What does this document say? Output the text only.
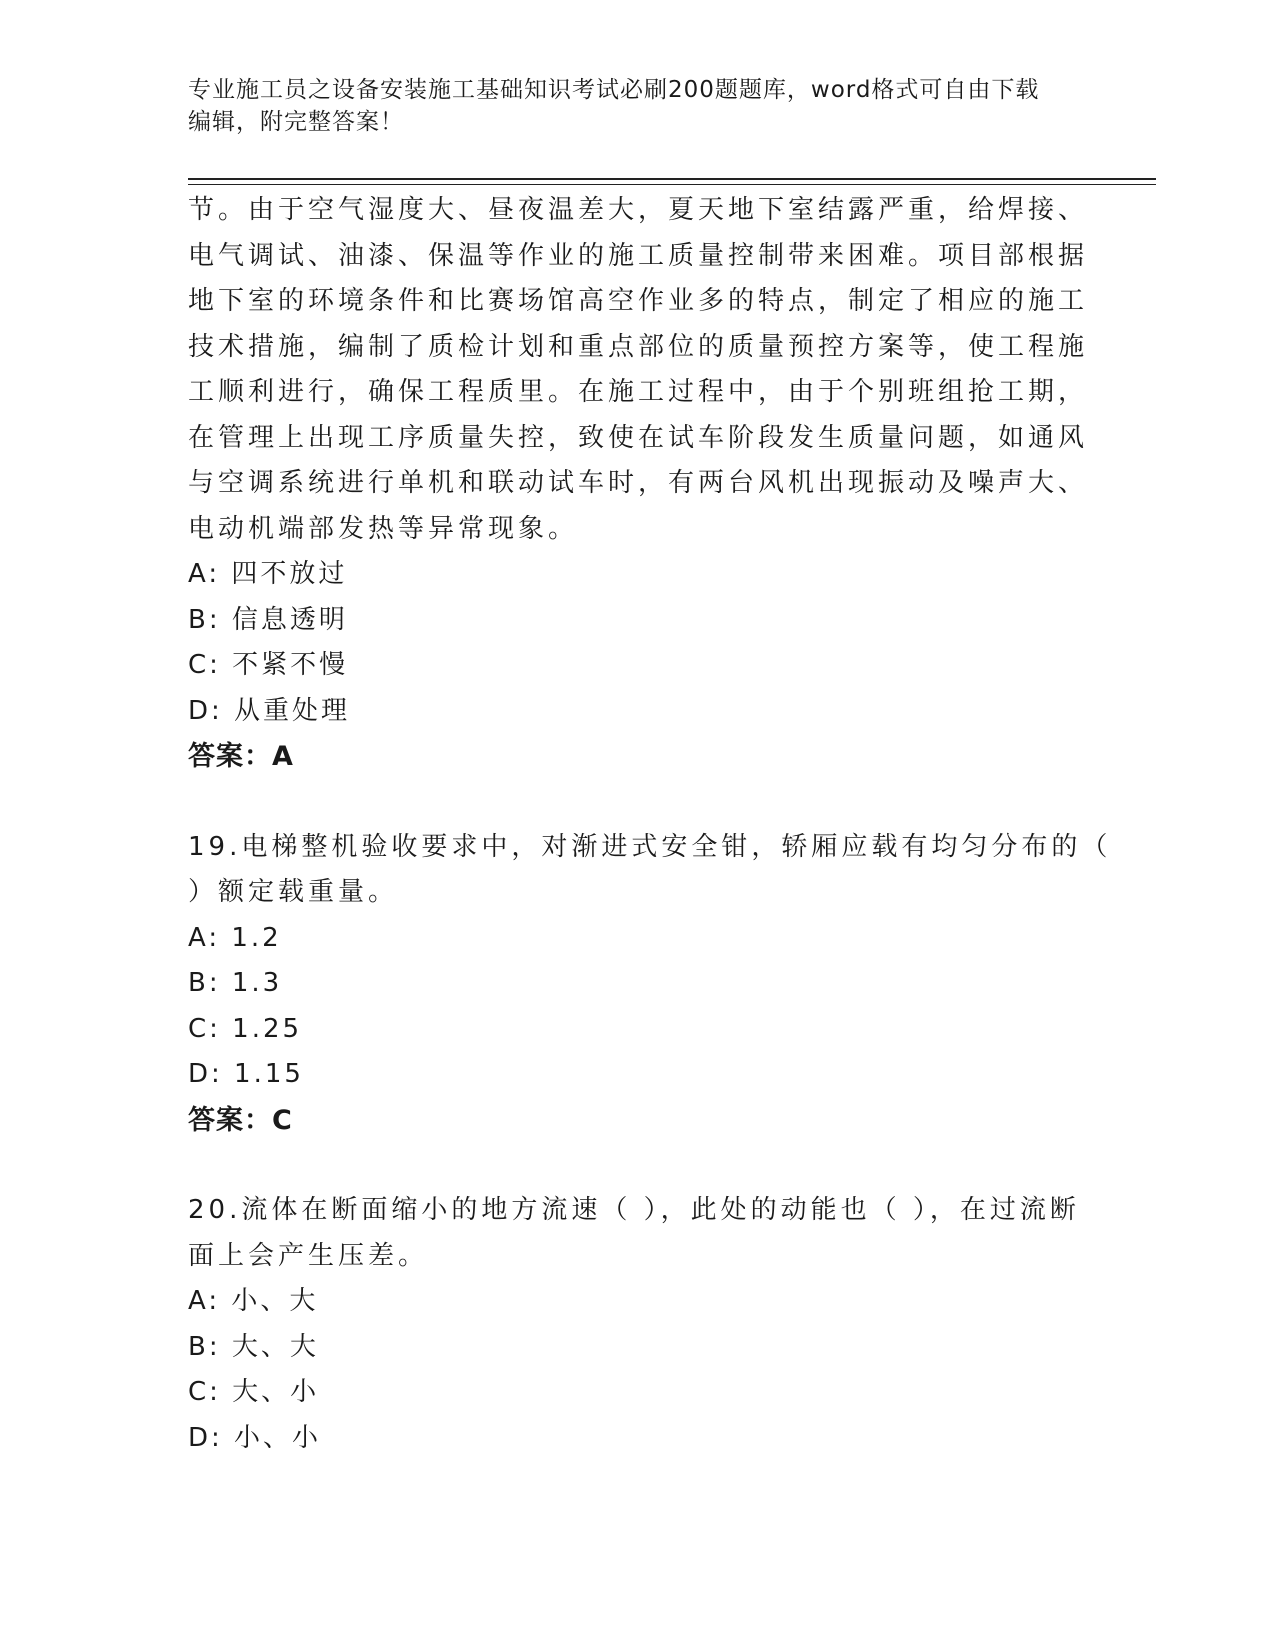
专业施工员之设备安装施工基础知识考试必刷200题题库，word格式可自由下载
编辑，附完整答案！

节。由于空气湿度大、昼夜温差大，夏天地下室结露严重，给焊接、
电气调试、油漆、保温等作业的施工质量控制带来困难。项目部根据
地下室的环境条件和比赛场馆高空作业多的特点，制定了相应的施工
技术措施，编制了质检计划和重点部位的质量预控方案等，使工程施
工顺利进行，确保工程质里。在施工过程中，由于个别班组抢工期，
在管理上出现工序质量失控，致使在试车阶段发生质量问题，如通风
与空调系统进行单机和联动试车时，有两台风机出现振动及噪声大、
电动机端部发热等异常现象。

A: 四不放过
B: 信息透明
C: 不紧不慢
D: 从重处理
答案：A

19.电梯整机验收要求中，对渐进式安全钳，轿厢应载有均匀分布的（
）额定载重量。

A: 1.2
B: 1.3
C: 1.25
D: 1.15
答案：C

20.流体在断面缩小的地方流速（ ），此处的动能也（ ），在过流断
面上会产生压差。

A: 小、大
B: 大、大
C: 大、小
D: 小、小
